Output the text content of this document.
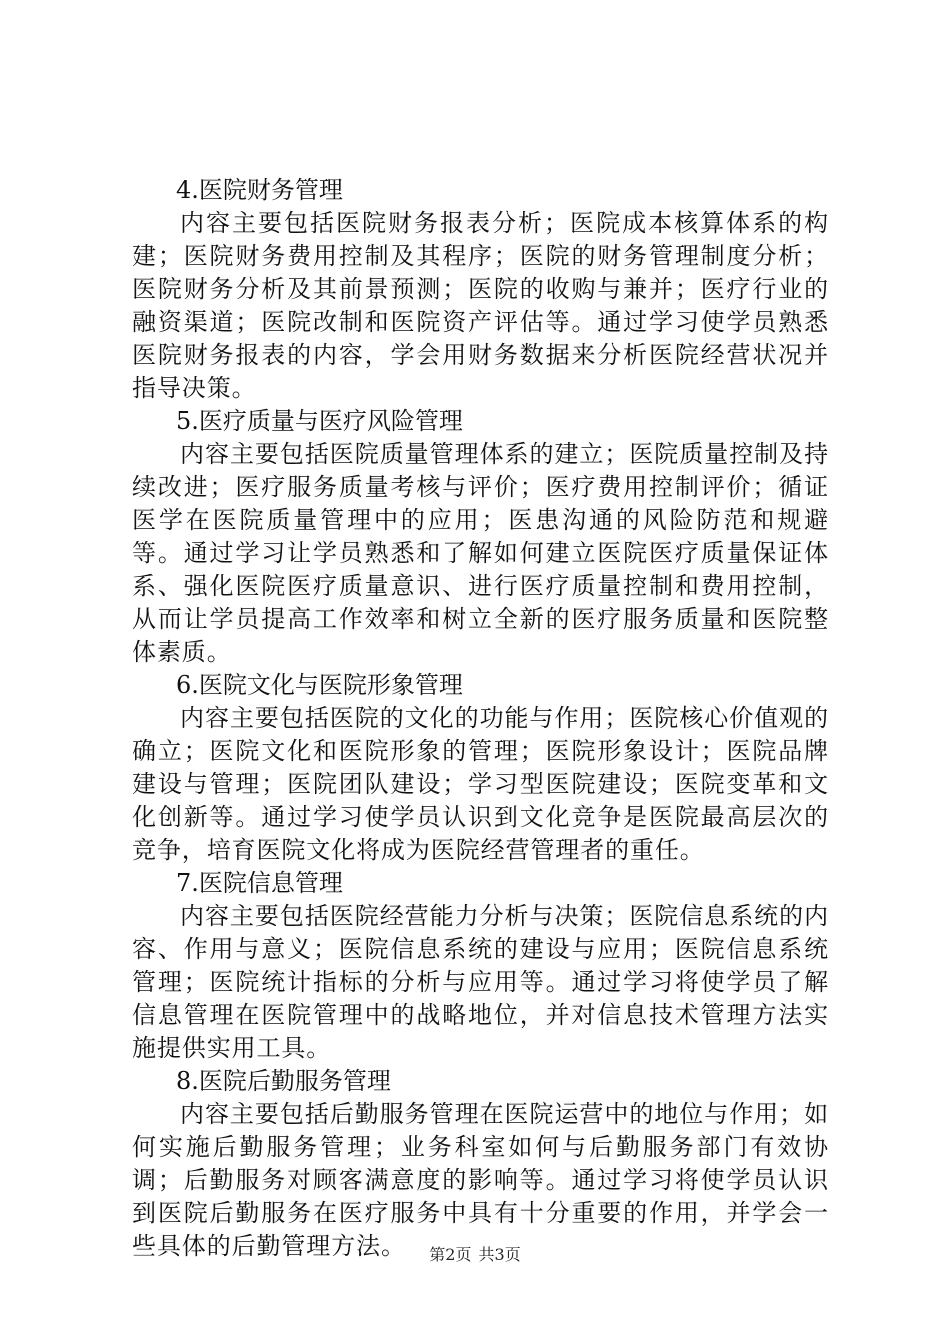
4.医院财务管理

内容主要包括医院财务报表分析；医院成本核算体系的构建；医院财务费用控制及其程序；医院的财务管理制度分析；医院财务分析及其前景预测；医院的收购与兼并；医疗行业的融资渠道；医院改制和医院资产评估等。通过学习使学员熟悉医院财务报表的内容，学会用财务数据来分析医院经营状况并指导决策。

5.医疗质量与医疗风险管理

内容主要包括医院质量管理体系的建立；医院质量控制及持续改进；医疗服务质量考核与评价；医疗费用控制评价；循证医学在医院质量管理中的应用；医患沟通的风险防范和规避等。通过学习让学员熟悉和了解如何建立医院医疗质量保证体系、强化医院医疗质量意识、进行医疗质量控制和费用控制，从而让学员提高工作效率和树立全新的医疗服务质量和医院整体素质。

6.医院文化与医院形象管理

内容主要包括医院的文化的功能与作用；医院核心价值观的确立；医院文化和医院形象的管理；医院形象设计；医院品牌建设与管理；医院团队建设；学习型医院建设；医院变革和文化创新等。通过学习使学员认识到文化竞争是医院最高层次的竞争，培育医院文化将成为医院经营管理者的重任。

7.医院信息管理

内容主要包括医院经营能力分析与决策；医院信息系统的内容、作用与意义；医院信息系统的建设与应用；医院信息系统管理；医院统计指标的分析与应用等。通过学习将使学员了解信息管理在医院管理中的战略地位，并对信息技术管理方法实施提供实用工具。

8.医院后勤服务管理

内容主要包括后勤服务管理在医院运营中的地位与作用；如何实施后勤服务管理；业务科室如何与后勤服务部门有效协调；后勤服务对顾客满意度的影响等。通过学习将使学员认识到医院后勤服务在医疗服务中具有十分重要的作用，并学会一些具体的后勤管理方法。	第2页 共3页
